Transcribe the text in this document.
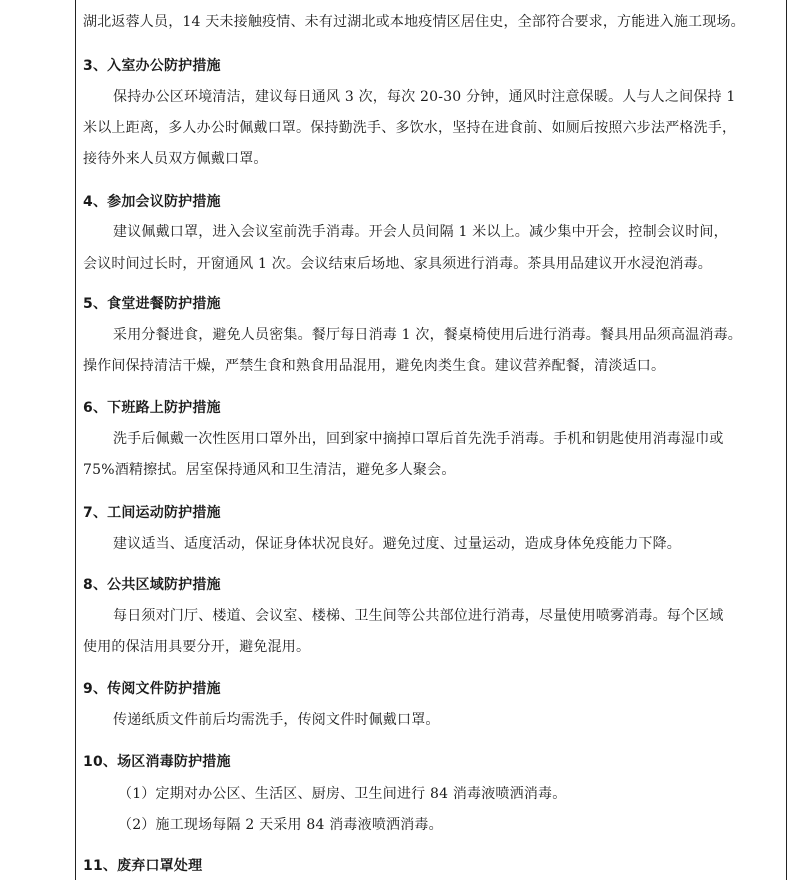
湖北返蓉人员，14 天未接触疫情、未有过湖北或本地疫情区居住史，全部符合要求，方能进入施工现场。
3、入室办公防护措施
保持办公区环境清洁，建议每日通风 3 次，每次 20-30 分钟，通风时注意保暖。人与人之间保持 1
米以上距离，多人办公时佩戴口罩。保持勤洗手、多饮水，坚持在进食前、如厕后按照六步法严格洗手，
接待外来人员双方佩戴口罩。
4、参加会议防护措施
建议佩戴口罩，进入会议室前洗手消毒。开会人员间隔 1 米以上。减少集中开会，控制会议时间，
会议时间过长时，开窗通风 1 次。会议结束后场地、家具须进行消毒。茶具用品建议开水浸泡消毒。
5、食堂进餐防护措施
采用分餐进食，避免人员密集。餐厅每日消毒 1 次，餐桌椅使用后进行消毒。餐具用品须高温消毒。
操作间保持清洁干燥，严禁生食和熟食用品混用，避免肉类生食。建议营养配餐，清淡适口。
6、下班路上防护措施
洗手后佩戴一次性医用口罩外出，回到家中摘掉口罩后首先洗手消毒。手机和钥匙使用消毒湿巾或
75%酒精擦拭。居室保持通风和卫生清洁，避免多人聚会。
7、工间运动防护措施
建议适当、适度活动，保证身体状况良好。避免过度、过量运动，造成身体免疫能力下降。
8、公共区域防护措施
每日须对门厅、楼道、会议室、楼梯、卫生间等公共部位进行消毒，尽量使用喷雾消毒。每个区域
使用的保洁用具要分开，避免混用。
9、传阅文件防护措施
传递纸质文件前后均需洗手，传阅文件时佩戴口罩。
10、场区消毒防护措施
（1）定期对办公区、生活区、厨房、卫生间进行 84 消毒液喷洒消毒。
（2）施工现场每隔 2 天采用 84 消毒液喷洒消毒。
11、废弃口罩处理
